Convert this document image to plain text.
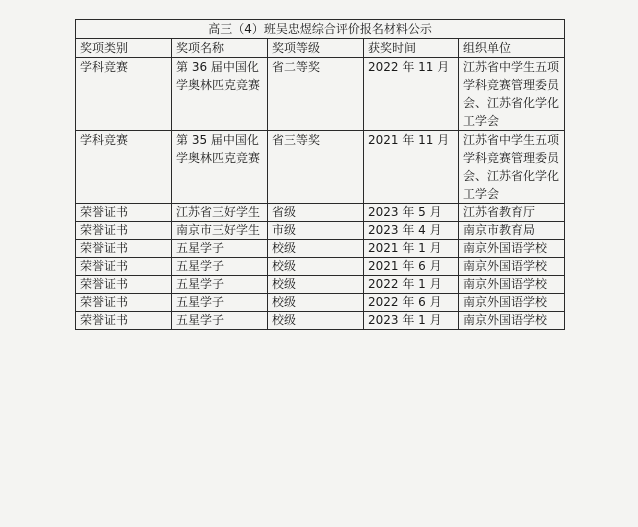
高三（4）班吴忠煜综合评价报名材料公示				
奖项类别	奖项名称	奖项等级	获奖时间	组织单位
学科竞赛	第 36 届中国化学奥林匹克竞赛	省二等奖	2022 年 11 月	江苏省中学生五项学科竞赛管理委员会、江苏省化学化工学会
学科竞赛	第 35 届中国化学奥林匹克竞赛	省三等奖	2021 年 11 月	江苏省中学生五项学科竞赛管理委员会、江苏省化学化工学会
荣誉证书	江苏省三好学生	省级	2023 年 5 月	江苏省教育厅
荣誉证书	南京市三好学生	市级	2023 年 4 月	南京市教育局
荣誉证书	五星学子	校级	2021 年 1 月	南京外国语学校
荣誉证书	五星学子	校级	2021 年 6 月	南京外国语学校
荣誉证书	五星学子	校级	2022 年 1 月	南京外国语学校
荣誉证书	五星学子	校级	2022 年 6 月	南京外国语学校
荣誉证书	五星学子	校级	2023 年 1 月	南京外国语学校
